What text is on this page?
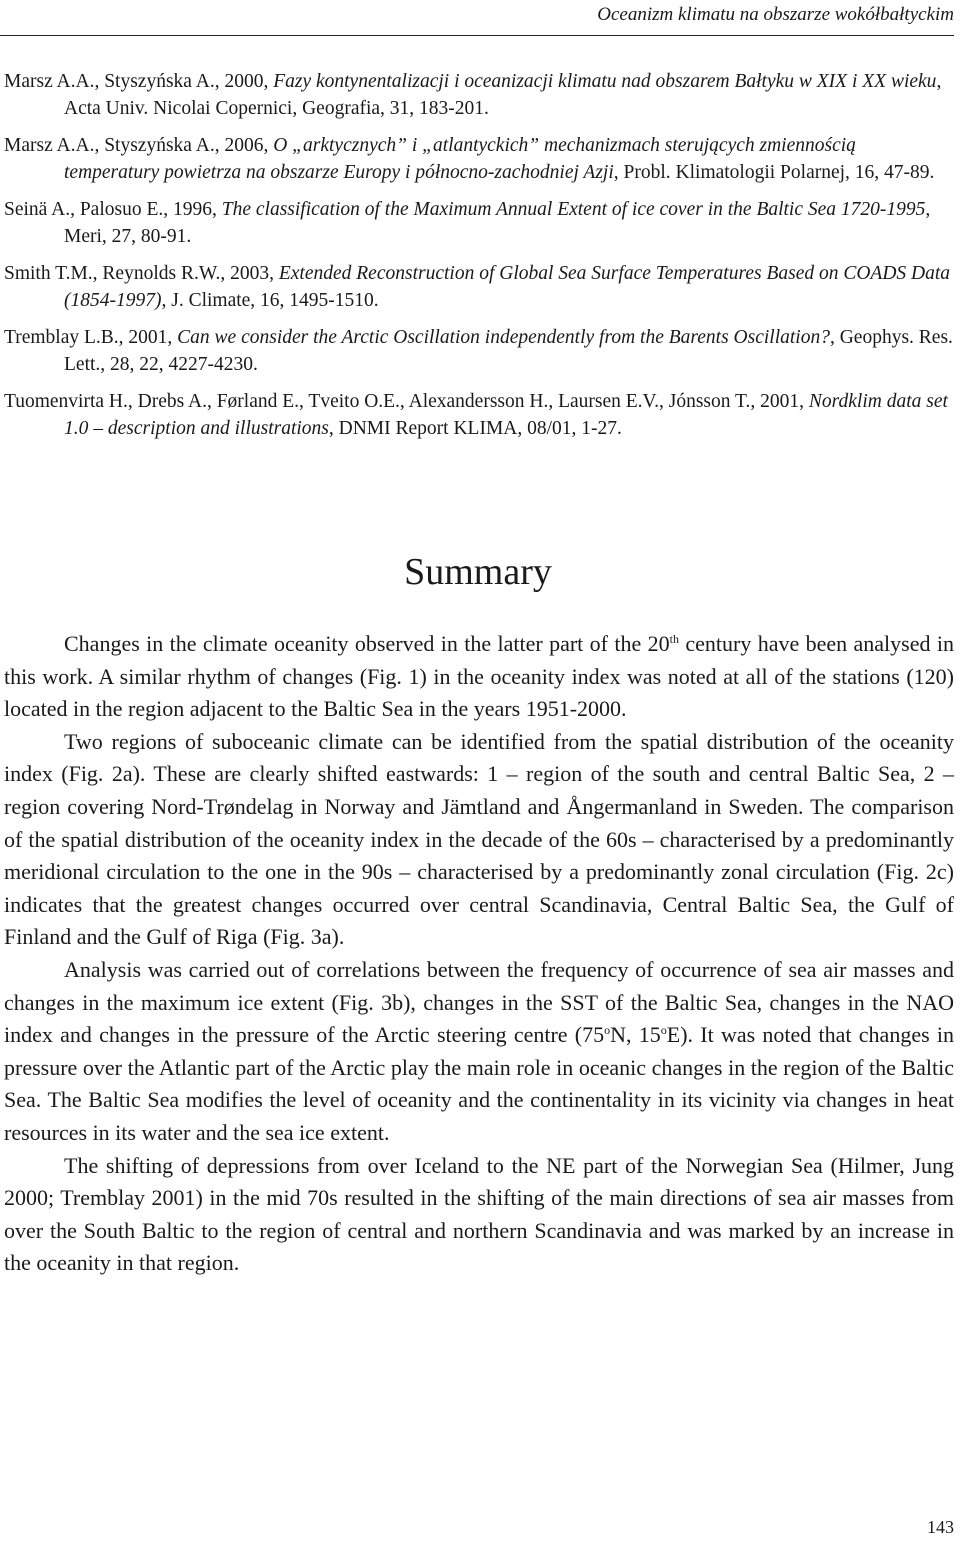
Oceanizm klimatu na obszarze wokółbałtyckim

Marsz A.A., Styszyńska A., 2000, Fazy kontynentalizacji i oceanizacji klimatu nad obszarem Bałtyku w XIX i XX wieku, Acta Univ. Nicolai Copernici, Geografia, 31, 183-201.

Marsz A.A., Styszyńska A., 2006, O „arktycznych” i „atlantyckich” mechanizmach sterujących zmiennością temperatury powietrza na obszarze Europy i północno-zachodniej Azji, Probl. Klimatologii Polarnej, 16, 47-89.

Seinä A., Palosuo E., 1996, The classification of the Maximum Annual Extent of ice cover in the Baltic Sea 1720-1995, Meri, 27, 80-91.

Smith T.M., Reynolds R.W., 2003, Extended Reconstruction of Global Sea Surface Temperatures Based on COADS Data (1854-1997), J. Climate, 16, 1495-1510.

Tremblay L.B., 2001, Can we consider the Arctic Oscillation independently from the Barents Oscillation?, Geophys. Res. Lett., 28, 22, 4227-4230.

Tuomenvirta H., Drebs A., Førland E., Tveito O.E., Alexandersson H., Laursen E.V., Jónsson T., 2001, Nordklim data set 1.0 – description and illustrations, DNMI Report KLIMA, 08/01, 1-27.

Summary

Changes in the climate oceanity observed in the latter part of the 20th century have been analysed in this work. A similar rhythm of changes (Fig. 1) in the oceanity index was noted at all of the stations (120) located in the region adjacent to the Baltic Sea in the years 1951-2000.

Two regions of suboceanic climate can be identified from the spatial distribution of the oceanity index (Fig. 2a). These are clearly shifted eastwards: 1 – region of the south and central Baltic Sea, 2 – region covering Nord-Trøndelag in Norway and Jämtland and Ångermanland in Sweden. The comparison of the spatial distribution of the oceanity index in the decade of the 60s – characterised by a predominantly meridional circulation to the one in the 90s – characterised by a predominantly zonal circulation (Fig. 2c) indicates that the greatest changes occurred over central Scandinavia, Central Baltic Sea, the Gulf of Finland and the Gulf of Riga (Fig. 3a).

Analysis was carried out of correlations between the frequency of occurrence of sea air masses and changes in the maximum ice extent (Fig. 3b), changes in the SST of the Baltic Sea, changes in the NAO index and changes in the pressure of the Arctic steering centre (75$^o$N, 15$^o$E). It was noted that changes in pressure over the Atlantic part of the Arctic play the main role in oceanic changes in the region of the Baltic Sea. The Baltic Sea modifies the level of oceanity and the continentality in its vicinity via changes in heat resources in its water and the sea ice extent.

The shifting of depressions from over Iceland to the NE part of the Norwegian Sea (Hilmer, Jung 2000; Tremblay 2001) in the mid 70s resulted in the shifting of the main directions of sea air masses from over the South Baltic to the region of central and northern Scandinavia and was marked by an increase in the oceanity in that region.

143
